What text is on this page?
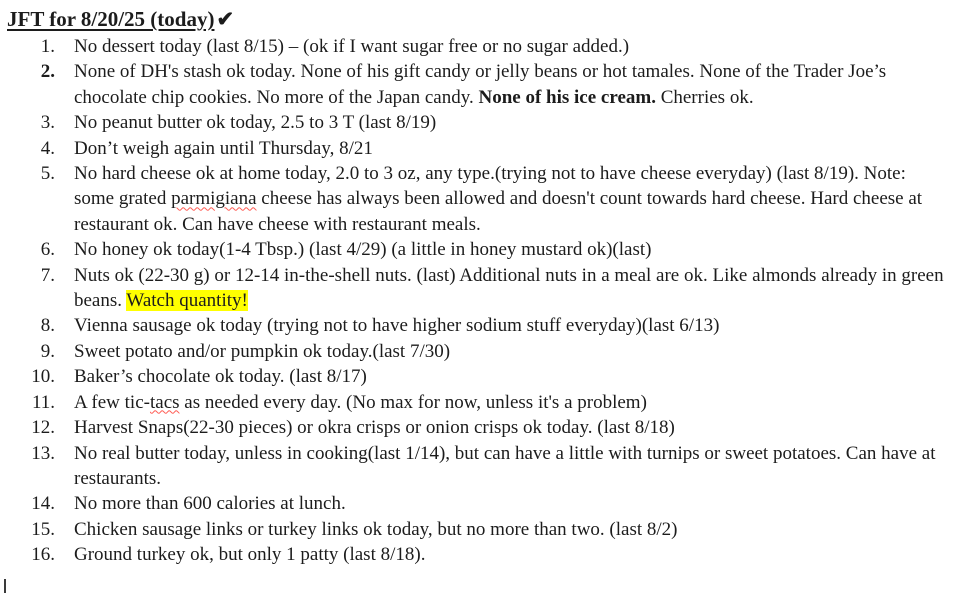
JFT for 8/20/25 (today)✔
1. No dessert today (last 8/15) – (ok if I want sugar free or no sugar added.)
2. None of DH's stash ok today. None of his gift candy or jelly beans or hot tamales. None of the Trader Joe’s chocolate chip cookies. No more of the Japan candy. None of his ice cream. Cherries ok.
3. No peanut butter ok today, 2.5 to 3 T (last 8/19)
4. Don’t weigh again until Thursday, 8/21
5. No hard cheese ok at home today, 2.0 to 3 oz, any type.(trying not to have cheese everyday) (last 8/19). Note: some grated parmigiana cheese has always been allowed and doesn't count towards hard cheese. Hard cheese at restaurant ok. Can have cheese with restaurant meals.
6. No honey ok today(1-4 Tbsp.) (last 4/29) (a little in honey mustard ok)(last)
7. Nuts ok (22-30 g) or 12-14 in-the-shell nuts. (last) Additional nuts in a meal are ok. Like almonds already in green beans. Watch quantity!
8. Vienna sausage ok today (trying not to have higher sodium stuff everyday)(last 6/13)
9. Sweet potato and/or pumpkin ok today.(last 7/30)
10. Baker’s chocolate ok today. (last 8/17)
11. A few tic-tacs as needed every day. (No max for now, unless it's a problem)
12. Harvest Snaps(22-30 pieces) or okra crisps or onion crisps ok today. (last 8/18)
13. No real butter today, unless in cooking(last 1/14), but can have a little with turnips or sweet potatoes. Can have at restaurants.
14. No more than 600 calories at lunch.
15. Chicken sausage links or turkey links ok today, but no more than two. (last 8/2)
16. Ground turkey ok, but only 1 patty (last 8/18).
